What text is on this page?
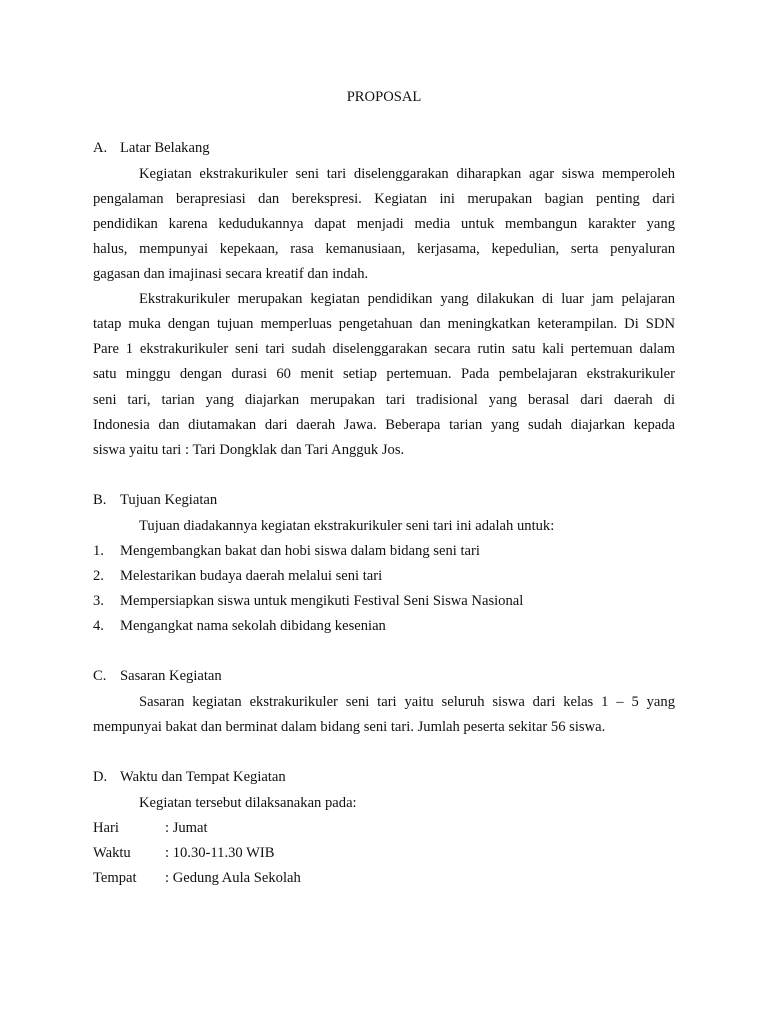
PROPOSAL
A. Latar Belakang
Kegiatan ekstrakurikuler seni tari diselenggarakan diharapkan agar siswa memperoleh
pengalaman berapresiasi dan berekspresi. Kegiatan ini merupakan bagian penting dari
pendidikan karena kedudukannya dapat menjadi media untuk membangun karakter yang
halus, mempunyai kepekaan, rasa kemanusiaan, kerjasama, kepedulian, serta penyaluran
gagasan dan imajinasi secara kreatif dan indah.
Ekstrakurikuler merupakan kegiatan pendidikan yang dilakukan di luar jam pelajaran
tatap muka dengan tujuan memperluas pengetahuan dan meningkatkan keterampilan. Di SDN
Pare 1 ekstrakurikuler seni tari sudah diselenggarakan secara rutin satu kali pertemuan dalam
satu minggu dengan durasi 60 menit setiap pertemuan. Pada pembelajaran ekstrakurikuler
seni tari, tarian yang diajarkan merupakan tari tradisional yang berasal dari daerah di
Indonesia dan diutamakan dari daerah Jawa. Beberapa tarian yang sudah diajarkan kepada
siswa yaitu tari : Tari Dongklak dan Tari Angguk Jos.
B. Tujuan Kegiatan
Tujuan diadakannya kegiatan ekstrakurikuler seni tari ini adalah untuk:
1. Mengembangkan bakat dan hobi siswa dalam bidang seni tari
2. Melestarikan budaya daerah melalui seni tari
3. Mempersiapkan siswa untuk mengikuti Festival Seni Siswa Nasional
4. Mengangkat nama sekolah dibidang kesenian
C. Sasaran Kegiatan
Sasaran kegiatan ekstrakurikuler seni tari yaitu seluruh siswa dari kelas 1 – 5 yang
mempunyai bakat dan berminat dalam bidang seni tari. Jumlah peserta sekitar 56 siswa.
D. Waktu dan Tempat Kegiatan
Kegiatan tersebut dilaksanakan pada:
Hari	: Jumat
Waktu : 10.30-11.30 WIB
Tempat : Gedung Aula Sekolah
